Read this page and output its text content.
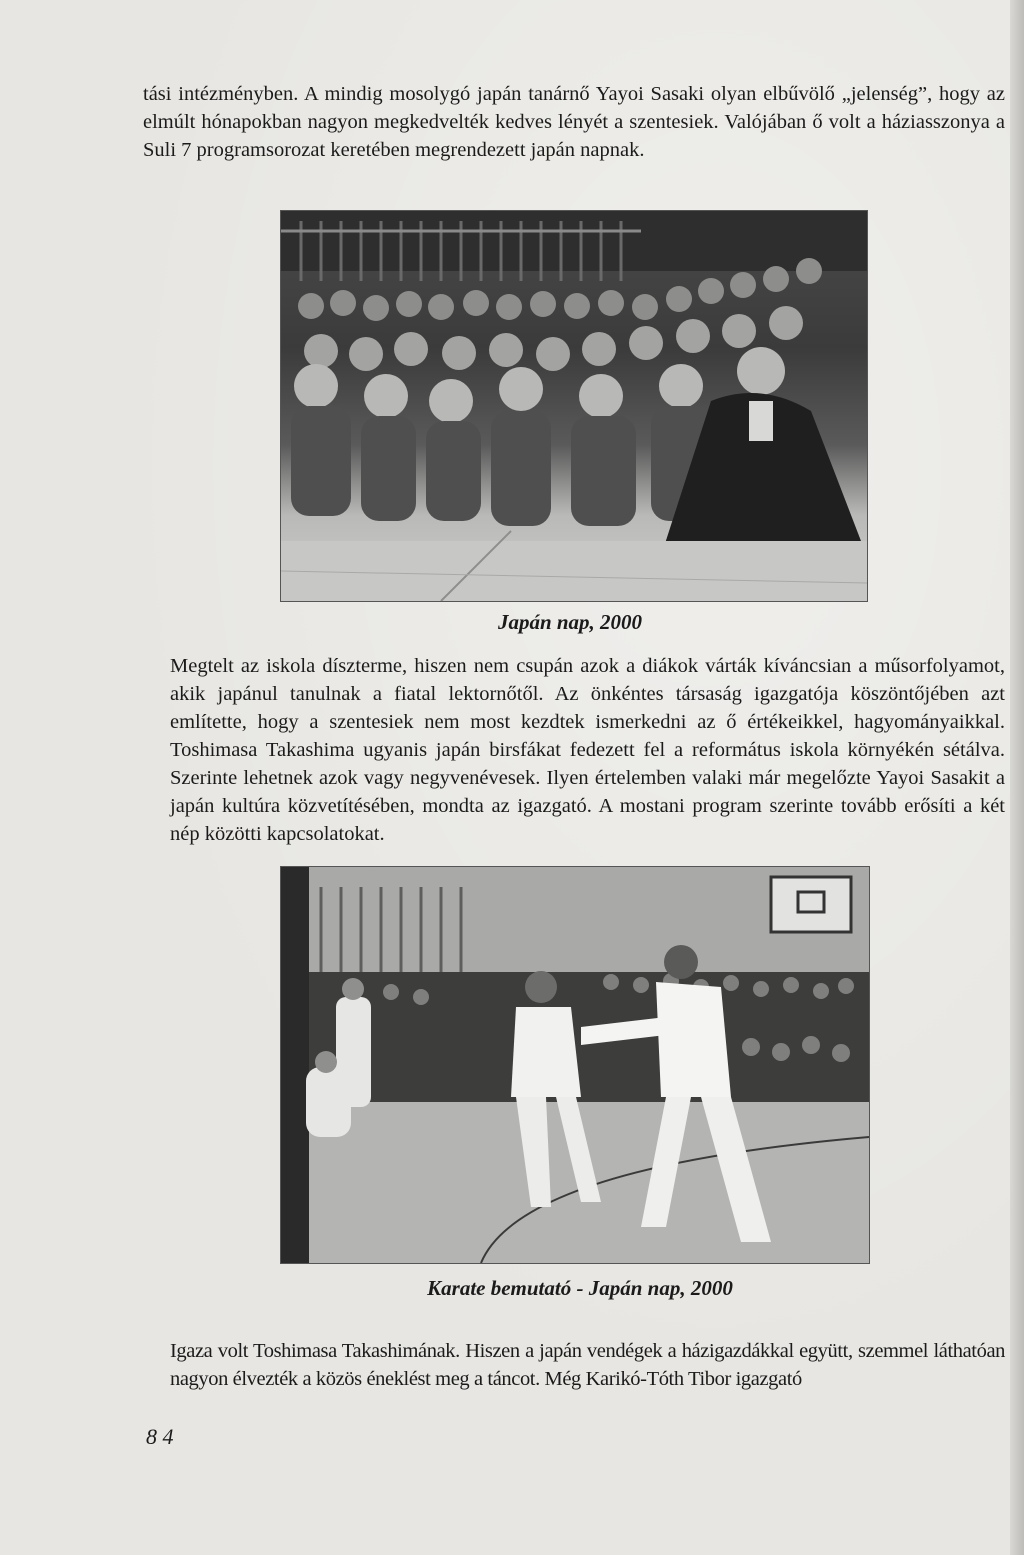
tási intézményben. A mindig mosolygó japán tanárnő Yayoi Sasaki olyan elbűvölő „jelenség”, hogy az elmúlt hónapokban nagyon megkedvelték kedves lényét a szentesiek. Valójában ő volt a háziasszonya a Suli 7 programsorozat keretében megrendezett japán napnak.

Japán nap, 2000

Megtelt az iskola díszterme, hiszen nem csupán azok a diákok várták kíváncsian a műsorfolyamot, akik japánul tanulnak a fiatal lektornőtől. Az önkéntes társaság igazgatója köszöntőjében azt említette, hogy a szentesiek nem most kezdtek ismerkedni az ő értékeikkel, hagyományaikkal. Toshimasa Takashima ugyanis japán birsfákat fedezett fel a református iskola környékén sétálva. Szerinte lehetnek azok vagy negyvenévesek. Ilyen értelemben valaki már megelőzte Yayoi Sasakit a japán kultúra közvetítésében, mondta az igazgató. A mostani program szerinte tovább erősíti a két nép közötti kapcsolatokat.

Karate bemutató - Japán nap, 2000

Igaza volt Toshimasa Takashimának. Hiszen a japán vendégek a házigazdákkal együtt, szemmel láthatóan nagyon élvezték a közös éneklést meg a táncot. Még Karikó-Tóth Tibor igazgató

8 4
